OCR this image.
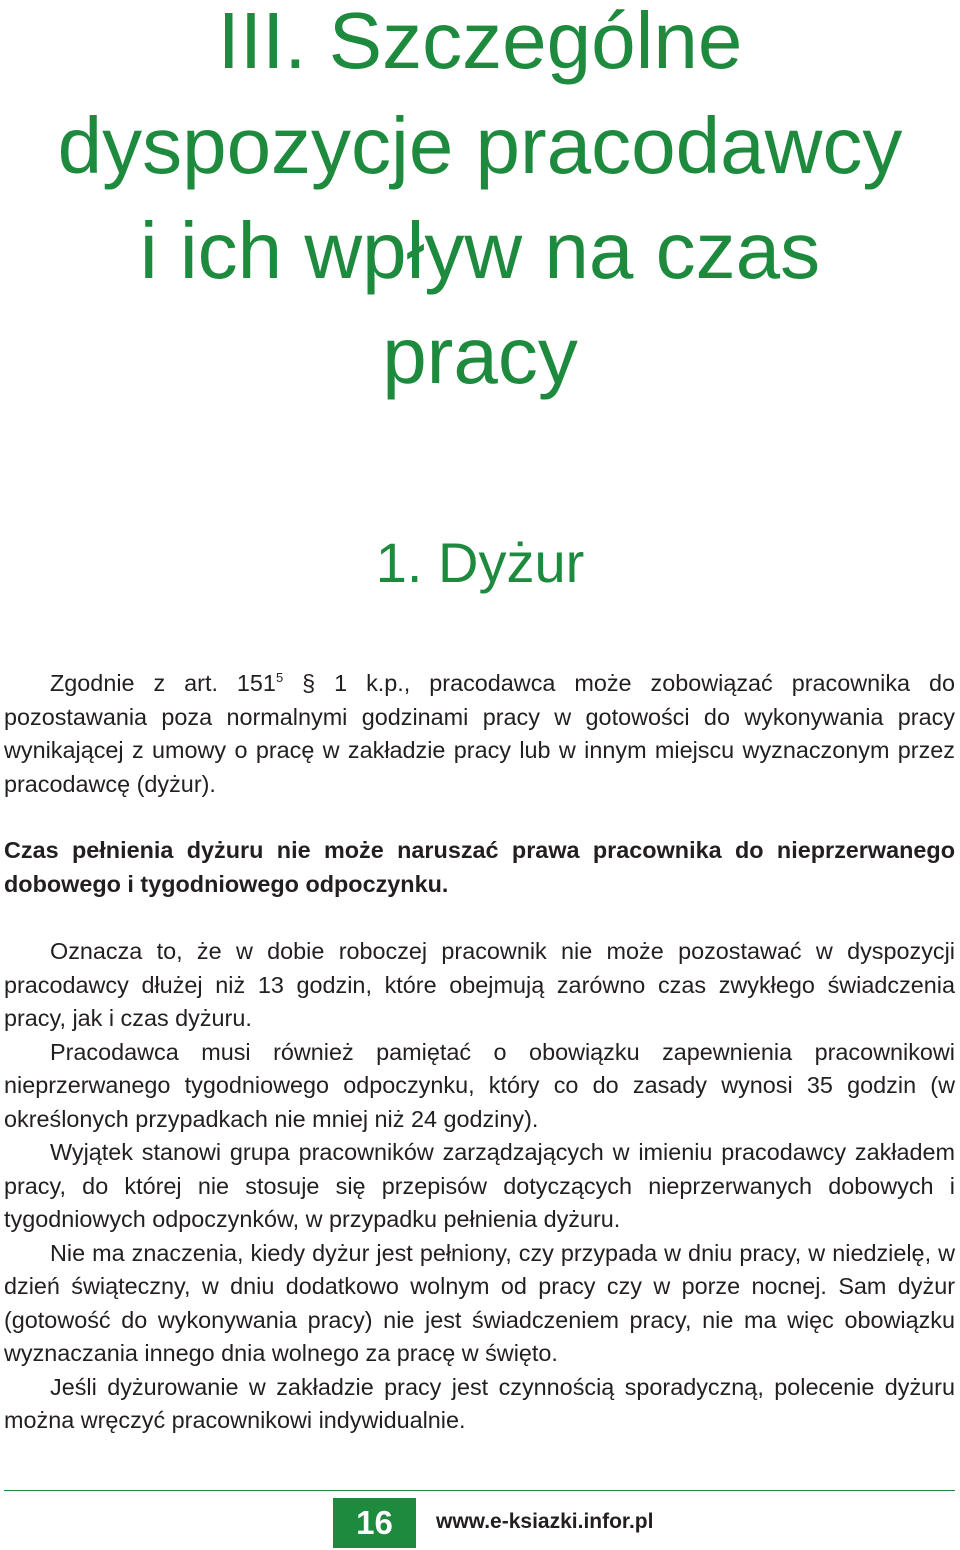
III. Szczególne
dyspozycje pracodawcy
i ich wpływ na czas
pracy
1. Dyżur

Zgodnie z art. $151^5$ § 1 k.p., pracodawca może zobowiązać pracownika do pozostawania poza normalnymi godzinami pracy w gotowości do wykonywania pracy wynikającej z umowy o pracę w zakładzie pracy lub w innym miejscu wyznaczonym przez pracodawcę (dyżur).

Czas pełnienia dyżuru nie może naruszać prawa pracownika do nieprzerwanego dobowego i tygodniowego odpoczynku.

Oznacza to, że w dobie roboczej pracownik nie może pozostawać w dyspozycji pracodawcy dłużej niż 13 godzin, które obejmują zarówno czas zwykłego świadczenia pracy, jak i czas dyżuru.

Pracodawca musi również pamiętać o obowiązku zapewnienia pracownikowi nieprzerwanego tygodniowego odpoczynku, który co do zasady wynosi 35 godzin (w określonych przypadkach nie mniej niż 24 godziny).

Wyjątek stanowi grupa pracowników zarządzających w imieniu pracodawcy zakładem pracy, do której nie stosuje się przepisów dotyczących nieprzerwanych dobowych i tygodniowych odpoczynków, w przypadku pełnienia dyżuru.

Nie ma znaczenia, kiedy dyżur jest pełniony, czy przypada w dniu pracy, w niedzielę, w dzień świąteczny, w dniu dodatkowo wolnym od pracy czy w porze nocnej. Sam dyżur (gotowość do wykonywania pracy) nie jest świadczeniem pracy, nie ma więc obowiązku wyznaczania innego dnia wolnego za pracę w święto.

Jeśli dyżurowanie w zakładzie pracy jest czynnością sporadyczną, polecenie dyżuru można wręczyć pracownikowi indywidualnie.

16	www.e-ksiazki.infor.pl
